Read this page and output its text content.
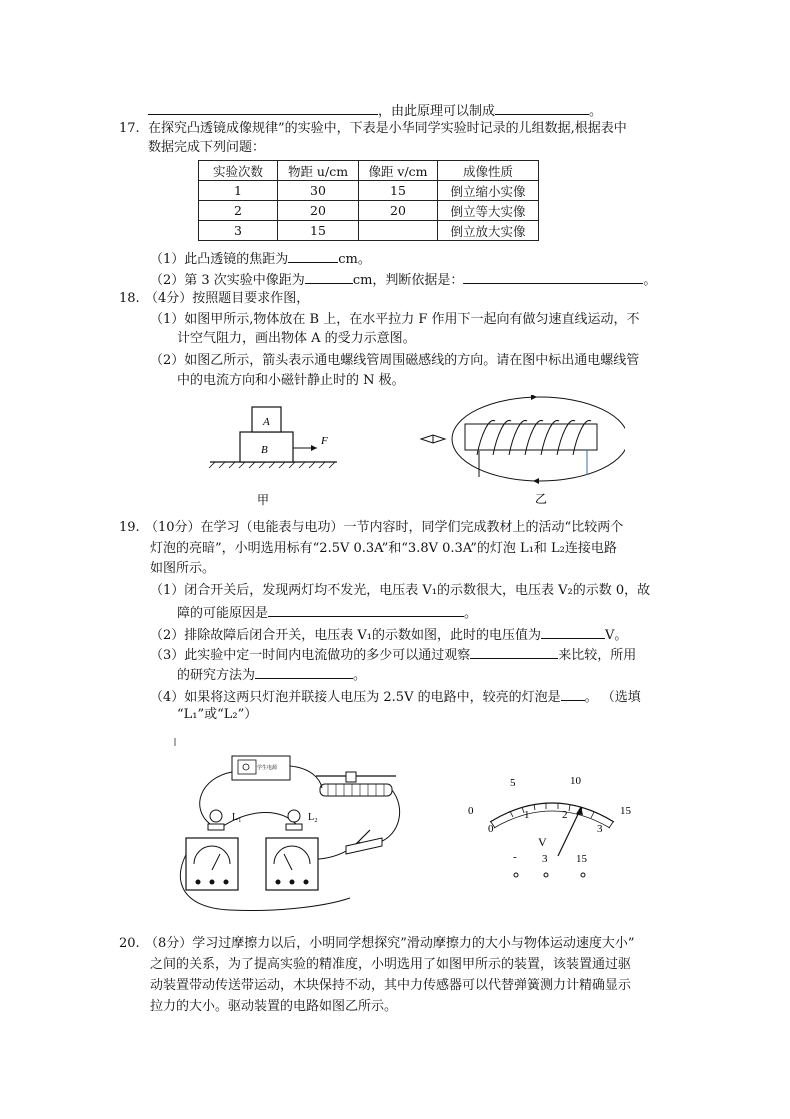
，由此原理可以制成	。
17. 在探究凸透镜成像规律”的实验中，下表是小华同学实验时记录的儿组数据,根据表中
数据完成下列问题：
实验次数	物距 u/cm	像距 v/cm	成像性质
1	30	15	倒立缩小实像
2	20	20	倒立等大实像
3	15		倒立放大实像
（1）此凸透镜的焦距为	cm。
（2）第 3 次实验中像距为	cm，判断依据是：	。
18. （4分）按照题目要求作图，
（1）如图甲所示,物体放在 B 上，在水平拉力 F 作用下一起向有做匀速直线运动，不
计空气阻力，画出物体 A 的受力示意图。
（2）如图乙所示，箭头表示通电螺线管周围磁感线的方向。请在图中标出通电螺线管
中的电流方向和小磁针静止时的 N 极。
A
B
F
甲	乙
19. （10分）在学习（电能表与电功）一节内容时，同学们完成教材上的活动“比较两个
灯泡的亮暗”，小明选用标有“2.5V 0.3A”和“3.8V 0.3A”的灯泡 L₁和 L₂连接电路
如图所示。
（1）闭合开关后，发现两灯均不发光，电压表 V₁的示数很大，电压表 V₂的示数 0，故
障的可能原因是	。
（2）排除故障后闭合开关，电压表 V₁的示数如图，此时的电压值为	V。
（3）此实验中定一时间内电流做功的多少可以通过观察	来比较，所用
的研究方法为	。
（4）如果将这两只灯泡并联接人电压为 2.5V 的电路中，较亮的灯泡是 。 （选填
“L₁”或“L₂”）
学生电源
L₁	L₂
0
5	10
15
0
1	2
3
V
- 3	15
20. （8分）学习过摩擦力以后，小明同学想探究”滑动摩擦力的大小与物体运动速度大小”
之间的关系，为了提高实验的精准度，小明选用了如图甲所示的装置，该装置通过驱
动装置带动传送带运动，木块保持不动，其中力传感器可以代替弹簧测力计精确显示
拉力的大小。驱动装置的电路如图乙所示。
